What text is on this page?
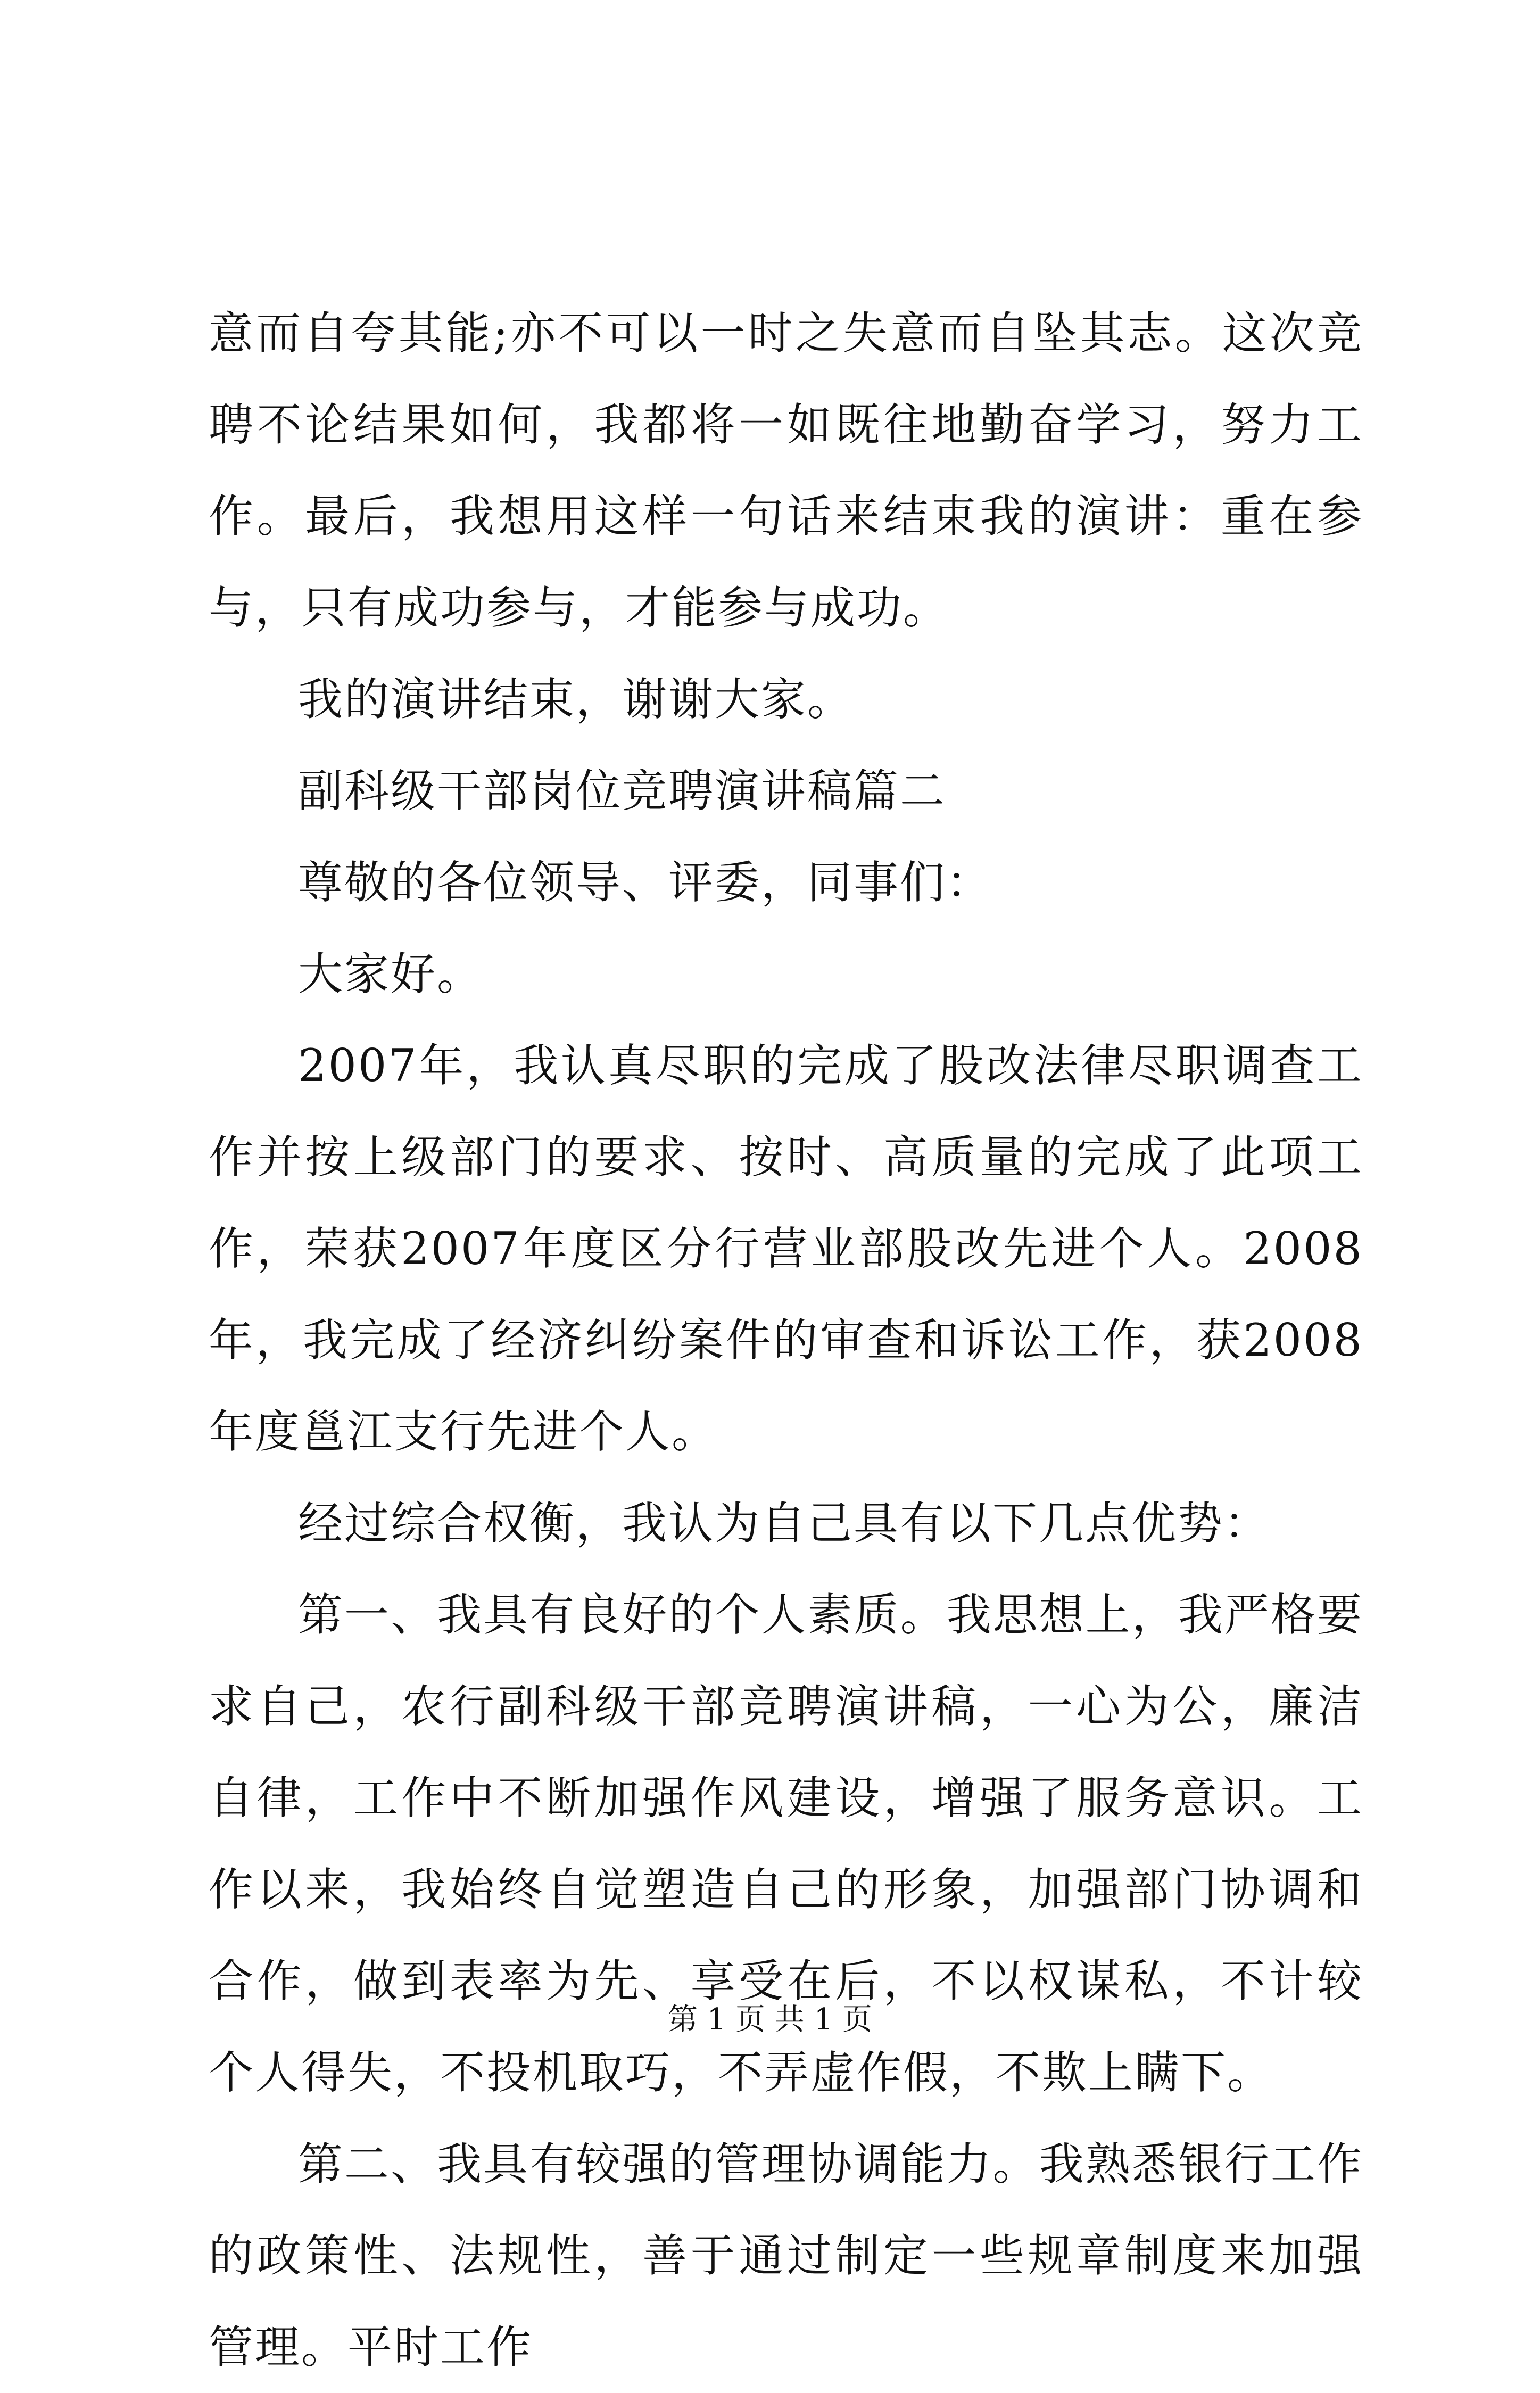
意而自夸其能;亦不可以一时之失意而自坠其志。这次竞聘不论结果如何，我都将一如既往地勤奋学习，努力工作。最后，我想用这样一句话来结束我的演讲：重在参与，只有成功参与，才能参与成功。

我的演讲结束，谢谢大家。

副科级干部岗位竞聘演讲稿篇二

尊敬的各位领导、评委，同事们：

大家好。

2007年，我认真尽职的完成了股改法律尽职调查工作并按上级部门的要求、按时、高质量的完成了此项工作，荣获2007年度区分行营业部股改先进个人。2008年，我完成了经济纠纷案件的审查和诉讼工作，获2008年度邕江支行先进个人。

经过综合权衡，我认为自己具有以下几点优势：

第一、我具有良好的个人素质。我思想上，我严格要求自己，农行副科级干部竞聘演讲稿，一心为公，廉洁自律，工作中不断加强作风建设，增强了服务意识。工作以来，我始终自觉塑造自己的形象，加强部门协调和合作，做到表率为先、享受在后，不以权谋私，不计较个人得失，不投机取巧，不弄虚作假，不欺上瞒下。

第二、我具有较强的管理协调能力。我熟悉银行工作的政策性、法规性，善于通过制定一些规章制度来加强管理。平时工作

第 1 页 共 1 页
